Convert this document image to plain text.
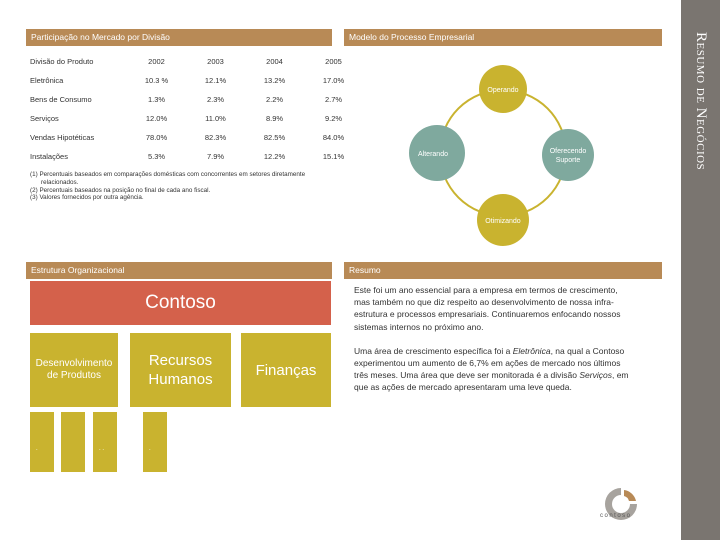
Resumo de Negócios
Participação no Mercado por Divisão
Divisão do Produto	2002	2003	2004	2005
Eletrônica	10.3 %	12.1%	13.2%	17.0%
Bens de Consumo	1.3%	2.3%	2.2%	2.7%
Serviços	12.0%	11.0%	8.9%	9.2%
Vendas Hipotéticas	78.0%	82.3%	82.5%	84.0%
Instalações	5.3%	7.9%	12.2%	15.1%
(1) Percentuais baseados em comparações domésticas com concorrentes em setores diretamente relacionados.
(2) Percentuais baseados na posição no final de cada ano fiscal.
(3) Valores fornecidos por outra agência.
Modelo do Processo Empresarial
Operando
Oferecendo
Suporte
Otimizando
Alterando
Estrutura Organizacional
Contoso
Desenvolvimento
de Produtos
Recursos
Humanos
Finanças
.	. .	.
Resumo

Este foi um ano essencial para a empresa em termos de crescimento, mas também no que diz respeito ao desenvolvimento de nossa infra-estrutura e processos empresariais. Continuaremos enfocando nossos sistemas internos no próximo ano.

Uma área de crescimento específica foi a Eletrônica, na qual a Contoso experimentou um aumento de 6,7% em ações de mercado nos últimos três meses. Uma área que deve ser monitorada é a divisão Serviços, em que as ações de mercado apresentaram uma leve queda.

contoso
